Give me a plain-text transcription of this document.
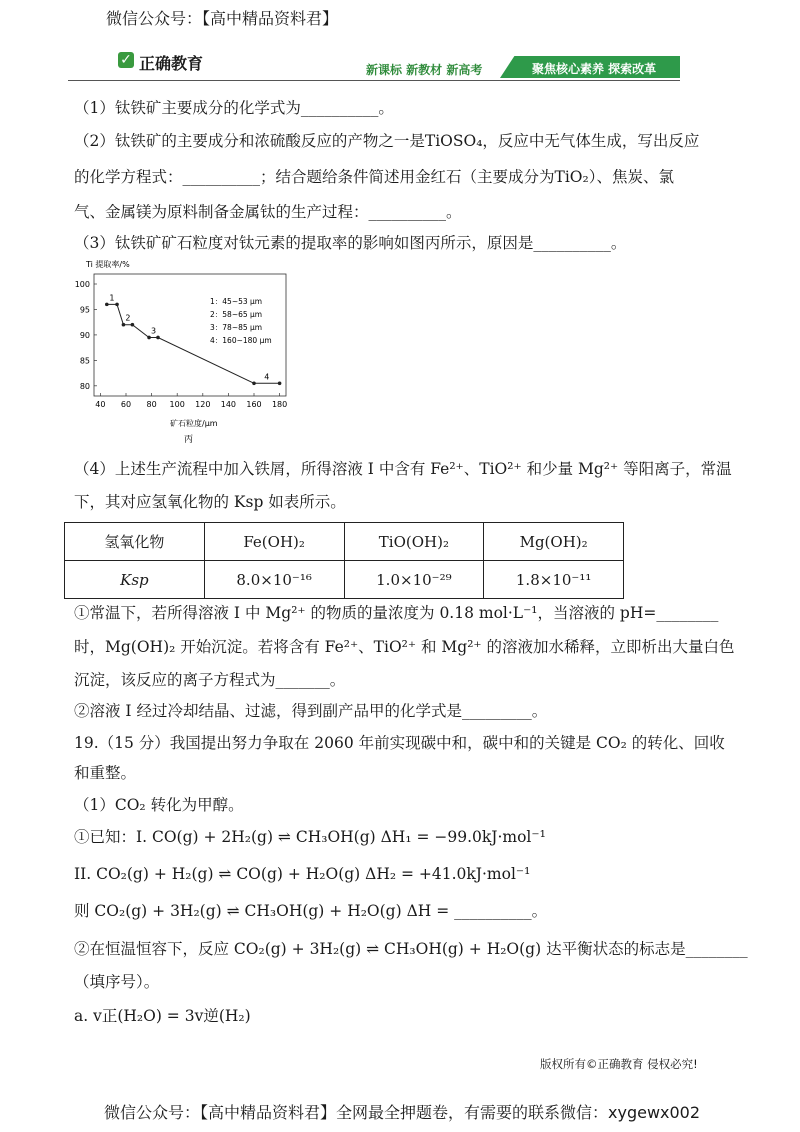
微信公众号：【高中精品资料君】
✓ 正确教育	新课标 新教材 新高考	聚焦核心素养 探索改革
（1）钛铁矿主要成分的化学式为__________。
（2）钛铁矿的主要成分和浓硫酸反应的产物之一是TiOSO₄，反应中无气体生成，写出反应
的化学方程式：__________；结合题给条件简述用金红石（主要成分为TiO₂）、焦炭、氯
气、金属镁为原料制备金属钛的生产过程：__________。
（3）钛铁矿矿石粒度对钛元素的提取率的影响如图丙所示，原因是__________。
Ti 提取率/%
100
95
90
85
80
40 60 80 100 120 140 160 180
1
2
3
4
1：45~53 μm
2：58~65 μm
3：78~85 μm
4：160~180 μm
矿石粒度/μm
丙
（4）上述生产流程中加入铁屑，所得溶液 I 中含有 Fe²⁺、TiO²⁺ 和少量 Mg²⁺ 等阳离子，常温
下，其对应氢氧化物的 Ksp 如表所示。
氢氧化物	Fe(OH)₂	TiO(OH)₂	Mg(OH)₂
Ksp	8.0×10⁻¹⁶	1.0×10⁻²⁹	1.8×10⁻¹¹
①常温下，若所得溶液 I 中 Mg²⁺ 的物质的量浓度为 0.18 mol·L⁻¹，当溶液的 pH=________
时，Mg(OH)₂ 开始沉淀。若将含有 Fe²⁺、TiO²⁺ 和 Mg²⁺ 的溶液加水稀释，立即析出大量白色
沉淀，该反应的离子方程式为_______。
②溶液 I 经过冷却结晶、过滤，得到副产品甲的化学式是_________。
19.（15 分）我国提出努力争取在 2060 年前实现碳中和，碳中和的关键是 CO₂ 的转化、回收
和重整。
（1）CO₂ 转化为甲醇。
①已知：I. CO(g) + 2H₂(g) ⇌ CH₃OH(g) ΔH₁ = −99.0kJ·mol⁻¹
II. CO₂(g) + H₂(g) ⇌ CO(g) + H₂O(g) ΔH₂ = +41.0kJ·mol⁻¹
则 CO₂(g) + 3H₂(g) ⇌ CH₃OH(g) + H₂O(g) ΔH = __________。
②在恒温恒容下，反应 CO₂(g) + 3H₂(g) ⇌ CH₃OH(g) + H₂O(g) 达平衡状态的标志是________
（填序号）。
a. v正(H₂O) = 3v逆(H₂)
版权所有©正确教育 侵权必究!
微信公众号：【高中精品资料君】全网最全押题卷，有需要的联系微信：xygewx002
